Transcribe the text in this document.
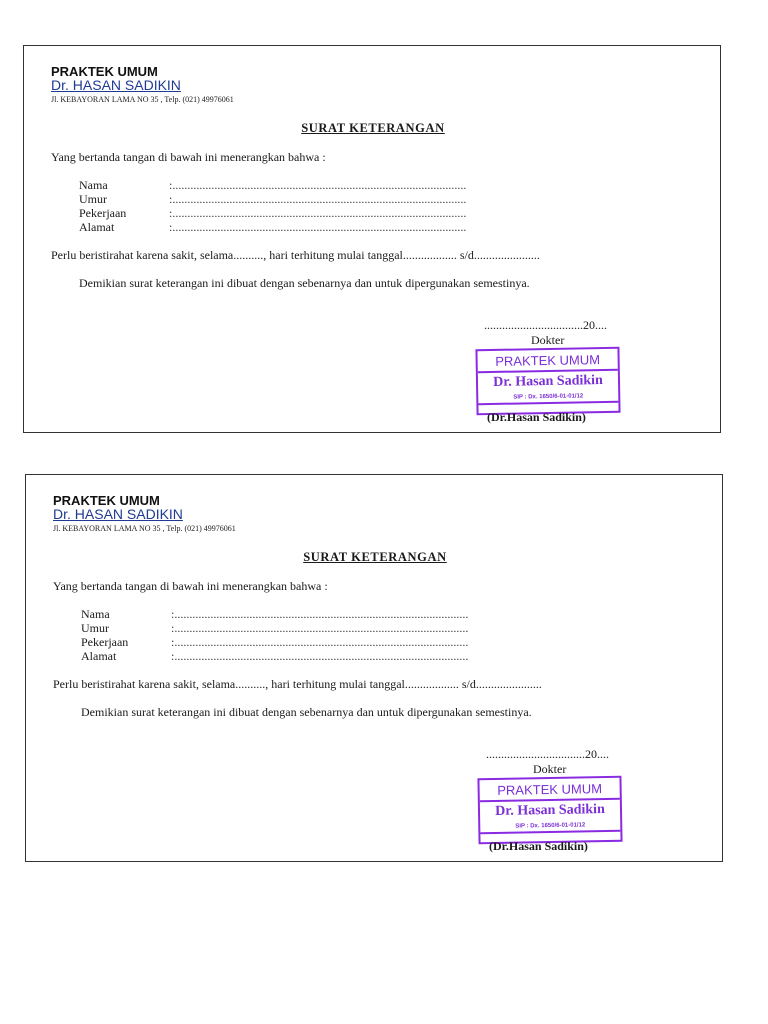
PRAKTEK UMUM
Dr. HASAN SADIKIN
Jl. KEBAYORAN LAMA NO 35 , Telp. (021) 49976061
SURAT KETERANGAN
Yang bertanda tangan di bawah ini menerangkan bahwa :
Nama	:..................................................................................................
Umur	:..................................................................................................
Pekerjaan	:..................................................................................................
Alamat	:..................................................................................................
Perlu beristirahat karena sakit, selama.........., hari terhitung mulai tanggal.................. s/d......................
Demikian surat keterangan ini dibuat dengan sebenarnya dan untuk dipergunakan semestinya.
.................................20....
Dokter
PRAKTEK UMUM
Dr. Hasan Sadikin
SIP : Dx. 1650/6-01-01/12
(Dr.Hasan Sadikin)
PRAKTEK UMUM
Dr. HASAN SADIKIN
Jl. KEBAYORAN LAMA NO 35 , Telp. (021) 49976061
SURAT KETERANGAN
Yang bertanda tangan di bawah ini menerangkan bahwa :
Nama	:..................................................................................................
Umur	:..................................................................................................
Pekerjaan	:..................................................................................................
Alamat	:..................................................................................................
Perlu beristirahat karena sakit, selama.........., hari terhitung mulai tanggal.................. s/d......................
Demikian surat keterangan ini dibuat dengan sebenarnya dan untuk dipergunakan semestinya.
.................................20....
Dokter
PRAKTEK UMUM
Dr. Hasan Sadikin
SIP : Dx. 1650/6-01-01/12
(Dr.Hasan Sadikin)
